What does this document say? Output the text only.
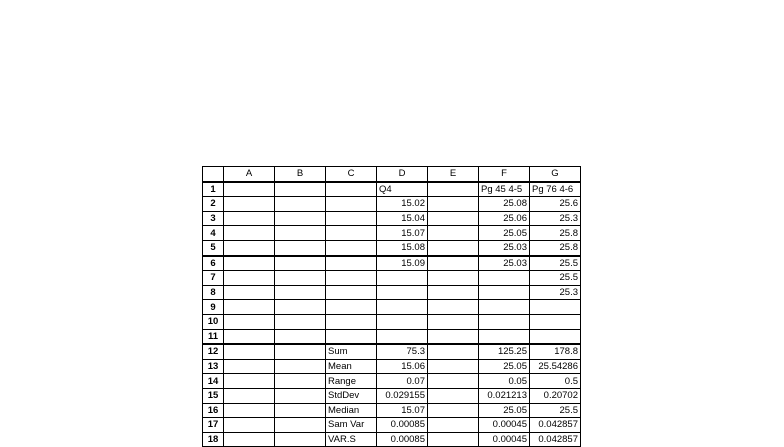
	A	B	C	D	E	F	G
1				Q4		Pg 45 4-5	Pg 76 4-6
2				15.02		25.08	25.6
3				15.04		25.06	25.3
4				15.07		25.05	25.8
5				15.08		25.03	25.8
6				15.09		25.03	25.5
7							25.5
8							25.3
9							
10							
11							
12			Sum	75.3		125.25	178.8
13			Mean	15.06		25.05	25.54286
14			Range	0.07		0.05	0.5
15			StdDev	0.029155		0.021213	0.20702
16			Median	15.07		25.05	25.5
17			Sam Var	0.00085		0.00045	0.042857
18			VAR.S	0.00085		0.00045	0.042857
